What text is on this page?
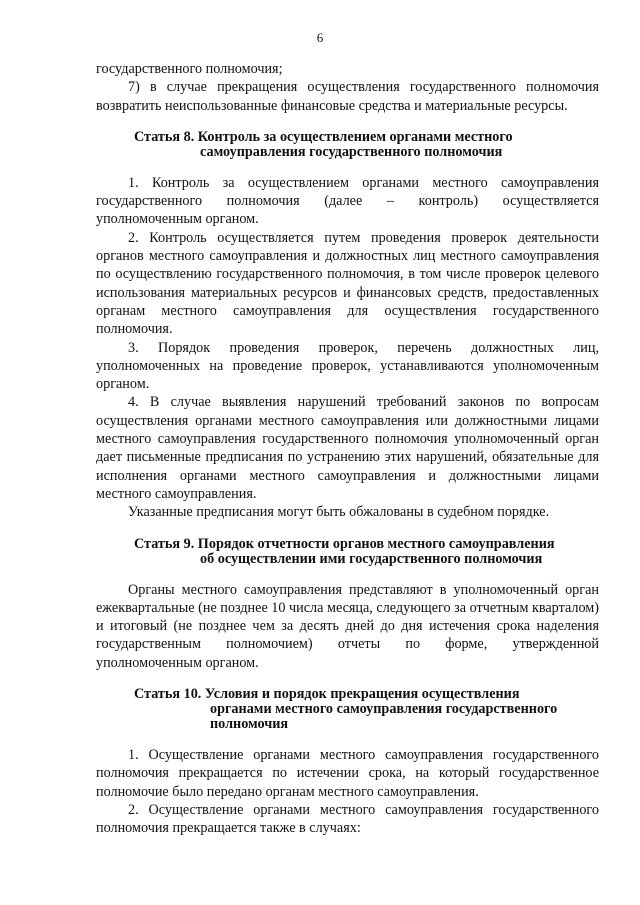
6

государственного полномочия;

7) в случае прекращения осуществления государственного полномочия возвратить неиспользованные финансовые средства и материальные ресурсы.

Статья 8. Контроль за осуществлением органами местного
самоуправления государственного полномочия

1. Контроль за осуществлением органами местного самоуправления государственного полномочия (далее – контроль) осуществляется уполномоченным органом.

2. Контроль осуществляется путем проведения проверок деятельности органов местного самоуправления и должностных лиц местного самоуправления по осуществлению государственного полномочия, в том числе проверок целевого использования материальных ресурсов и финансовых средств, предоставленных органам местного самоуправления для осуществления государственного полномочия.

3. Порядок проведения проверок, перечень должностных лиц, уполномоченных на проведение проверок, устанавливаются уполномоченным органом.

4. В случае выявления нарушений требований законов по вопросам осуществления органами местного самоуправления или должностными лицами местного самоуправления государственного полномочия уполномоченный орган дает письменные предписания по устранению этих нарушений, обязательные для исполнения органами местного самоуправления и должностными лицами местного самоуправления.

Указанные предписания могут быть обжалованы в судебном порядке.

Статья 9. Порядок отчетности органов местного самоуправления
об осуществлении ими государственного полномочия

Органы местного самоуправления представляют в уполномоченный орган ежеквартальные (не позднее 10 числа месяца, следующего за отчетным кварталом) и итоговый (не позднее чем за десять дней до дня истечения срока наделения государственным полномочием) отчеты по форме, утвержденной уполномоченным органом.

Статья 10. Условия и порядок прекращения осуществления
органами местного самоуправления государственного
полномочия

1. Осуществление органами местного самоуправления государственного полномочия прекращается по истечении срока, на который государственное полномочие было передано органам местного самоуправления.

2. Осуществление органами местного самоуправления государственного полномочия прекращается также в случаях:
